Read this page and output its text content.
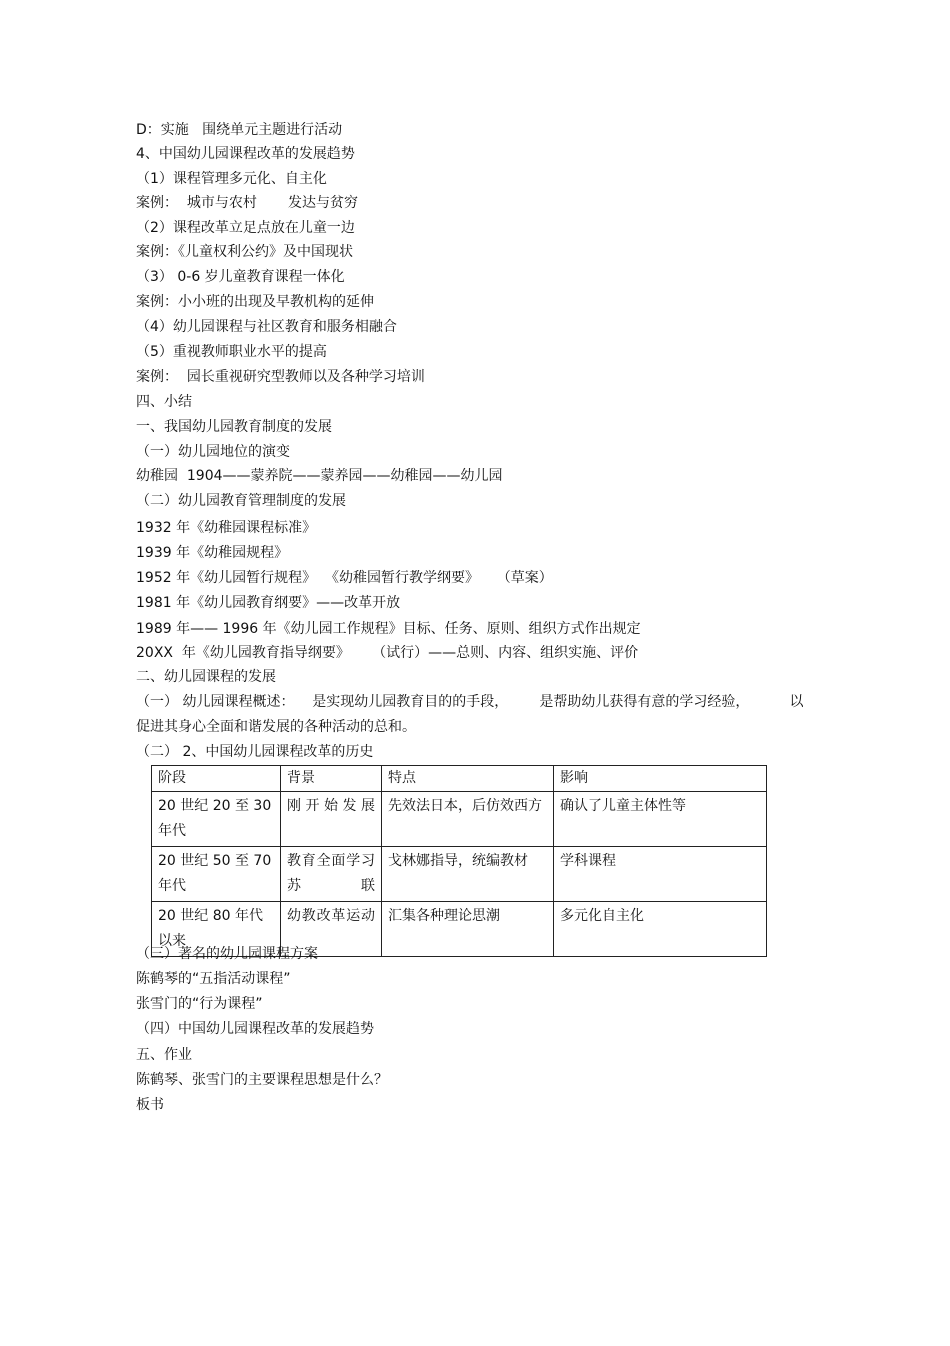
D：实施   围绕单元主题进行活动
4、中国幼儿园课程改革的发展趋势
（1）课程管理多元化、自主化
案例：  城市与农村       发达与贫穷
（2）课程改革立足点放在儿童一边
案例：《儿童权利公约》及中国现状
（3） 0-6 岁儿童教育课程一体化
案例：小小班的出现及早教机构的延伸
（4）幼儿园课程与社区教育和服务相融合
（5）重视教师职业水平的提高
案例：  园长重视研究型教师以及各种学习培训
四、小结
一、我国幼儿园教育制度的发展
（一）幼儿园地位的演变
幼稚园  1904——蒙养院——蒙养园——幼稚园——幼儿园
（二）幼儿园教育管理制度的发展
1932 年《幼稚园课程标准》
1939 年《幼稚园规程》
1952 年《幼儿园暂行规程》  《幼稚园暂行教学纲要》    （草案）
1981 年《幼儿园教育纲要》——改革开放
1989 年—— 1996 年《幼儿园工作规程》目标、任务、原则、组织方式作出规定
20XX  年《幼儿园教育指导纲要》     （试行）——总则、内容、组织实施、评价
二、幼儿园课程的发展
（一） 幼儿园课程概述：    是实现幼儿园教育目的的手段，       是帮助幼儿获得有意的学习经验，         以
促进其身心全面和谐发展的各种活动的总和。
（二） 2、中国幼儿园课程改革的历史
阶段	背景	特点	影响
20 世纪 20 至 30 年代	刚开始发展	先效法日本，后仿效西方	确认了儿童主体性等
20 世纪 50 至 70 年代	教育全面学习苏联	戈林娜指导，统编教材	学科课程
20 世纪 80 年代以来	幼教改革运动	汇集各种理论思潮	多元化自主化
（三）著名的幼儿园课程方案
陈鹤琴的“五指活动课程”
张雪门的“行为课程”
（四）中国幼儿园课程改革的发展趋势
五、作业
陈鹤琴、张雪门的主要课程思想是什么？
板书
